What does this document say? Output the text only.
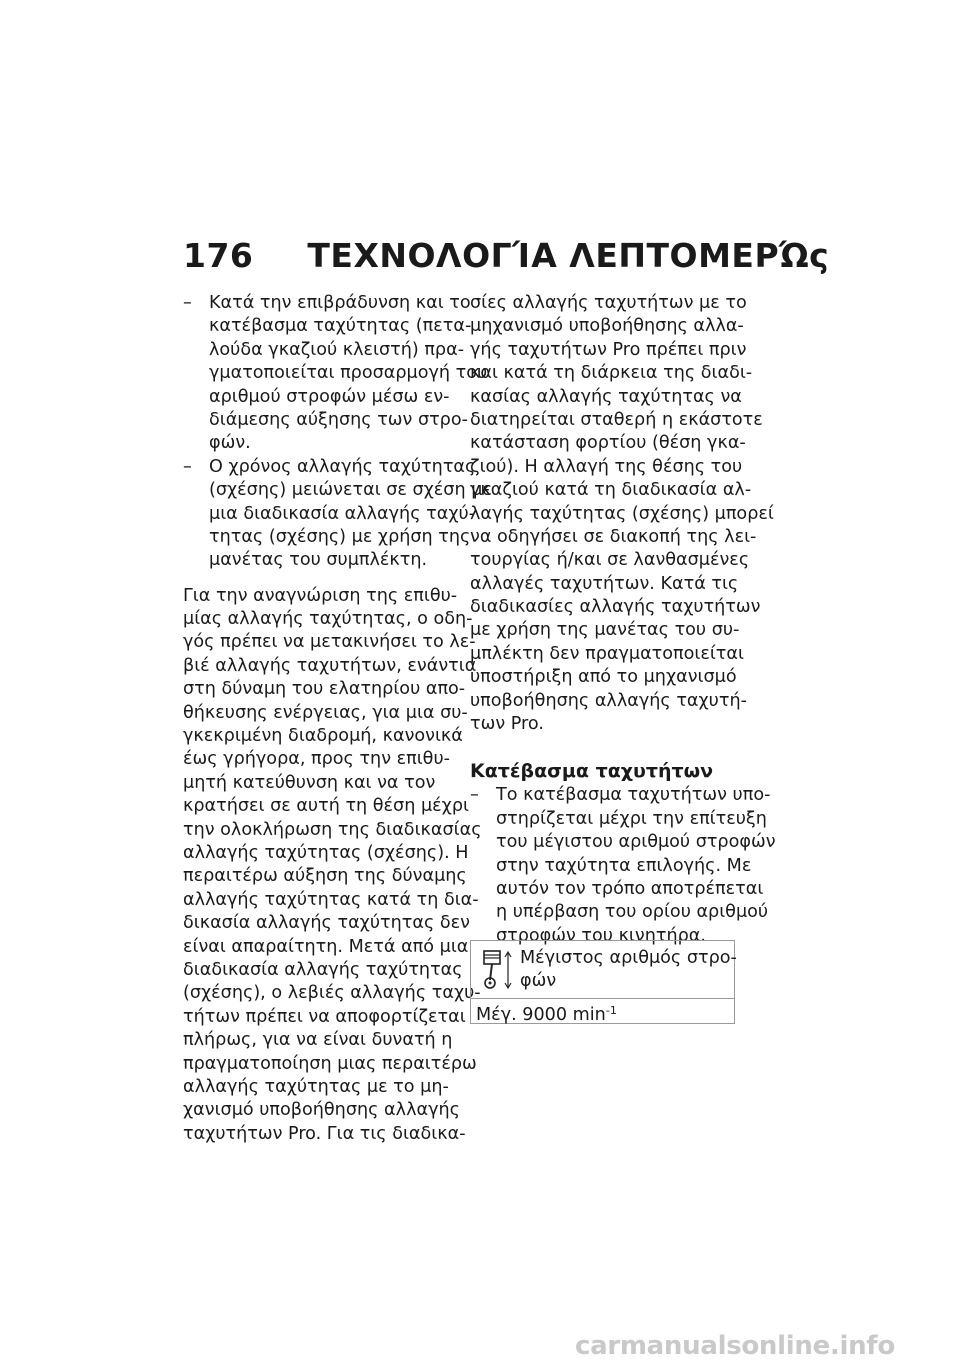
176 ΤΕΧΝΟΛΟΓΊΑ ΛΕΠΤΟΜΕΡΏς
Κατά την επιβράδυνση και το
–
κατέβασμα ταχύτητας (πετα-
λούδα γκαζιού κλειστή) πρα-
γματοποιείται προσαρμογή του
αριθμού στροφών μέσω εν-
διάμεσης αύξησης των στρο-
φών.
Ο χρόνος αλλαγής ταχύτητας
–
(σχέσης) μειώνεται σε σχέση με
μια διαδικασία αλλαγής ταχύ-
τητας (σχέσης) με χρήση της
μανέτας του συμπλέκτη.
Για την αναγνώριση της επιθυ-
μίας αλλαγής ταχύτητας, ο οδη-
γός πρέπει να μετακινήσει το λε-
βιέ αλλαγής ταχυτήτων, ενάντια
στη δύναμη του ελατηρίου απο-
θήκευσης ενέργειας, για μια συ-
γκεκριμένη διαδρομή, κανονικά
έως γρήγορα, προς την επιθυ-
μητή κατεύθυνση και να τον
κρατήσει σε αυτή τη θέση μέχρι
την ολοκλήρωση της διαδικασίας
αλλαγής ταχύτητας (σχέσης). Η
περαιτέρω αύξηση της δύναμης
αλλαγής ταχύτητας κατά τη δια-
δικασία αλλαγής ταχύτητας δεν
είναι απαραίτητη. Μετά από μια
διαδικασία αλλαγής ταχύτητας
(σχέσης), ο λεβιές αλλαγής ταχυ-
τήτων πρέπει να αποφορτίζεται
πλήρως, για να είναι δυνατή η
πραγματοποίηση μιας περαιτέρω
αλλαγής ταχύτητας με το μη-
χανισμό υποβοήθησης αλλαγής
ταχυτήτων Pro. Για τις διαδικα-
σίες αλλαγής ταχυτήτων με το
μηχανισμό υποβοήθησης αλλα-
γής ταχυτήτων Pro πρέπει πριν
και κατά τη διάρκεια της διαδι-
κασίας αλλαγής ταχύτητας να
διατηρείται σταθερή η εκάστοτε
κατάσταση φορτίου (θέση γκα-
ζιού). Η αλλαγή της θέσης του
γκαζιού κατά τη διαδικασία αλ-
λαγής ταχύτητας (σχέσης) μπορεί
να οδηγήσει σε διακοπή της λει-
τουργίας ή/και σε λανθασμένες
αλλαγές ταχυτήτων. Κατά τις
διαδικασίες αλλαγής ταχυτήτων
με χρήση της μανέτας του συ-
μπλέκτη δεν πραγματοποιείται
υποστήριξη από το μηχανισμό
υποβοήθησης αλλαγής ταχυτή-
των Pro.
Κατέβασμα ταχυτήτων
Το κατέβασμα ταχυτήτων υπο-
–
στηρίζεται μέχρι την επίτευξη
του μέγιστου αριθμού στροφών
στην ταχύτητα επιλογής. Με
αυτόν τον τρόπο αποτρέπεται
η υπέρβαση του ορίου αριθμού
στροφών του κινητήρα.
Μέγιστος αριθμός στρο-
φών
Μέγ. 9000 $\min^{-1}$
carmanualsonline.info
